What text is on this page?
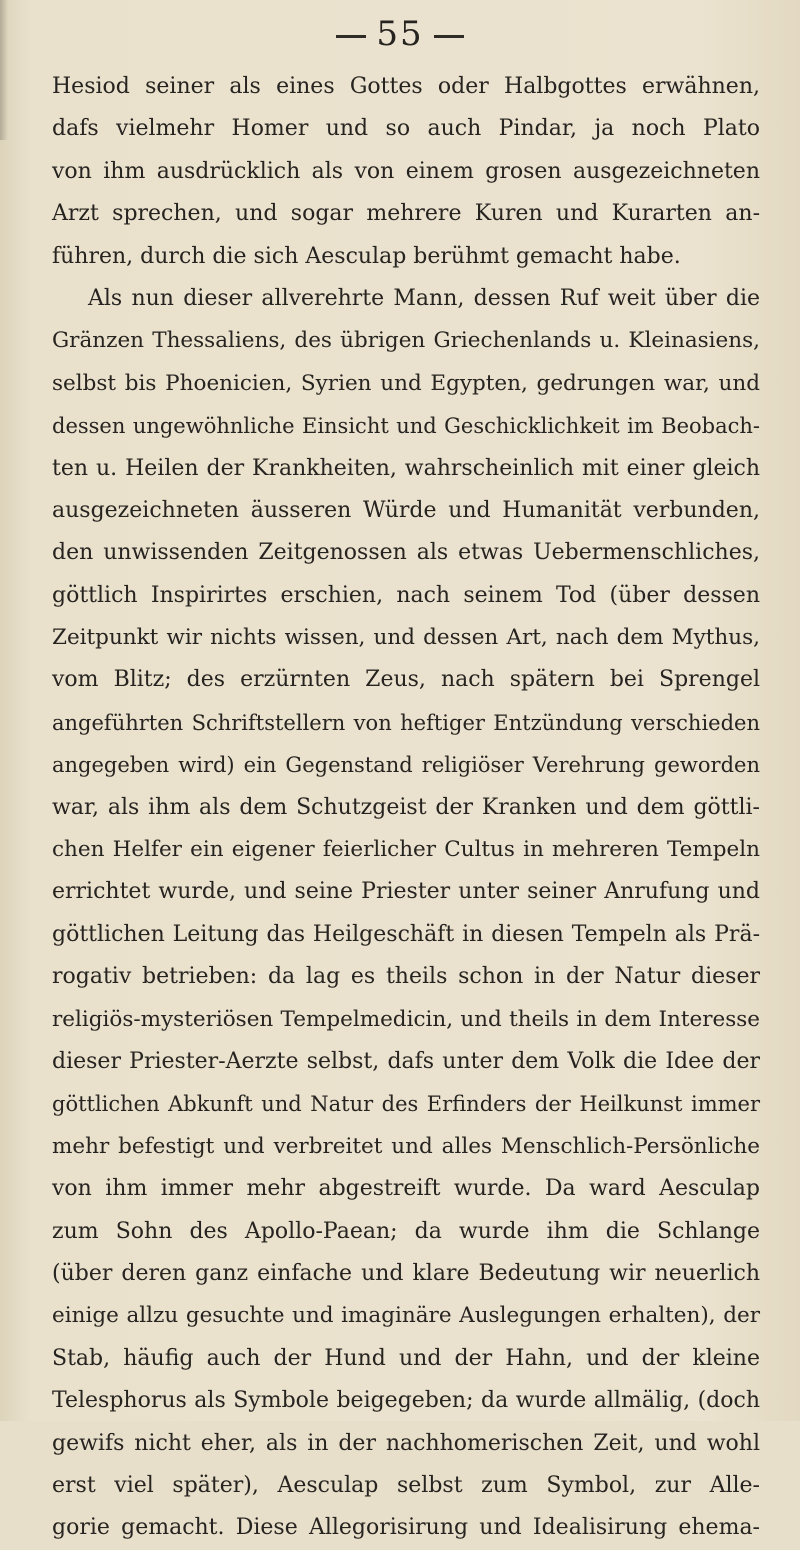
55
Hesiod seiner als eines Gottes oder Halbgottes erwähnen,
dafs vielmehr Homer und so auch Pindar, ja noch Plato
von ihm ausdrücklich als von einem grosen ausgezeichneten
Arzt sprechen, und sogar mehrere Kuren und Kurarten an-
führen, durch die sich Aesculap berühmt gemacht habe.
Als nun dieser allverehrte Mann, dessen Ruf weit über die
Gränzen Thessaliens, des übrigen Griechenlands u. Kleinasiens,
selbst bis Phoenicien, Syrien und Egypten, gedrungen war, und
dessen ungewöhnliche Einsicht und Geschicklichkeit im Beobach-
ten u. Heilen der Krankheiten, wahrscheinlich mit einer gleich
ausgezeichneten äusseren Würde und Humanität verbunden,
den unwissenden Zeitgenossen als etwas Uebermenschliches,
göttlich Inspirirtes erschien, nach seinem Tod (über dessen
Zeitpunkt wir nichts wissen, und dessen Art, nach dem Mythus,
vom Blitz; des erzürnten Zeus, nach spätern bei Sprengel
angeführten Schriftstellern von heftiger Entzündung verschieden
angegeben wird) ein Gegenstand religiöser Verehrung geworden
war, als ihm als dem Schutzgeist der Kranken und dem göttli-
chen Helfer ein eigener feierlicher Cultus in mehreren Tempeln
errichtet wurde, und seine Priester unter seiner Anrufung und
göttlichen Leitung das Heilgeschäft in diesen Tempeln als Prä-
rogativ betrieben: da lag es theils schon in der Natur dieser
religiös-mysteriösen Tempelmedicin, und theils in dem Interesse
dieser Priester-Aerzte selbst, dafs unter dem Volk die Idee der
göttlichen Abkunft und Natur des Erfinders der Heilkunst immer
mehr befestigt und verbreitet und alles Menschlich-Persönliche
von ihm immer mehr abgestreift wurde. Da ward Aesculap
zum Sohn des Apollo-Paean; da wurde ihm die Schlange
(über deren ganz einfache und klare Bedeutung wir neuerlich
einige allzu gesuchte und imaginäre Auslegungen erhalten), der
Stab, häufig auch der Hund und der Hahn, und der kleine
Telesphorus als Symbole beigegeben; da wurde allmälig, (doch
gewifs nicht eher, als in der nachhomerischen Zeit, und wohl
erst viel später), Aesculap selbst zum Symbol, zur Alle-
gorie gemacht. Diese Allegorisirung und Idealisirung ehema-
